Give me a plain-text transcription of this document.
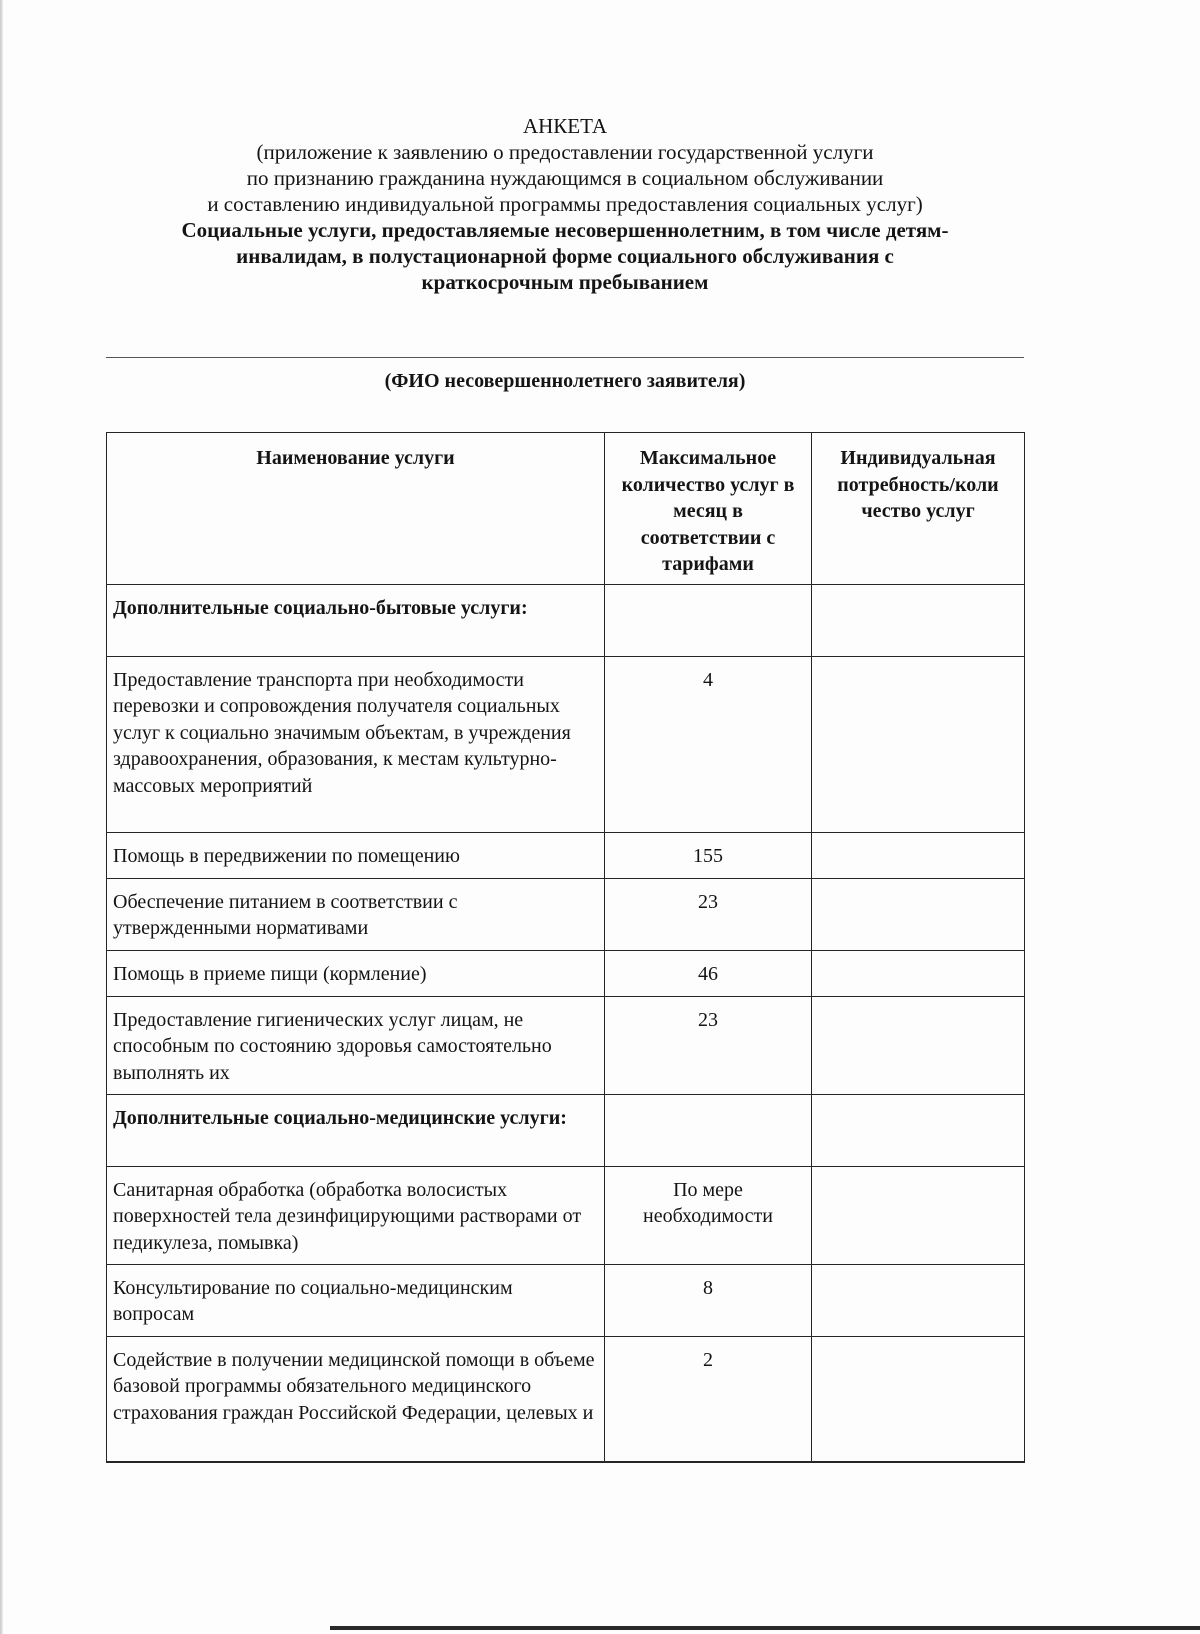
АНКЕТА
(приложение к заявлению о предоставлении государственной услуги
по признанию гражданина нуждающимся в социальном обслуживании
и составлению индивидуальной программы предоставления социальных услуг)
Социальные услуги, предоставляемые несовершеннолетним, в том числе детям-
инвалидам, в полустационарной форме социального обслуживания с
краткосрочным пребыванием
(ФИО несовершеннолетнего заявителя)
Наименование услуги	Максимальное количество услуг в месяц в соответствии с тарифами	Индивидуальная потребность/коли чество услуг
Дополнительные социально-бытовые услуги:		
Предоставление транспорта при необходимости перевозки и сопровождения получателя социальных услуг к социально значимым объектам, в учреждения здравоохранения, образования, к местам культурно-массовых мероприятий	4	
Помощь в передвижении по помещению	155	
Обеспечение питанием в соответствии с утвержденными нормативами	23	
Помощь в приеме пищи (кормление)	46	
Предоставление гигиенических услуг лицам, не способным по состоянию здоровья самостоятельно выполнять их	23	
Дополнительные социально-медицинские услуги:		
Санитарная обработка (обработка волосистых поверхностей тела дезинфицирующими растворами от педикулеза, помывка)	По мере необходимости	
Консультирование по социально-медицинским вопросам	8	
Содействие в получении медицинской помощи в объеме базовой программы обязательного медицинского страхования граждан Российской Федерации, целевых и	2	
